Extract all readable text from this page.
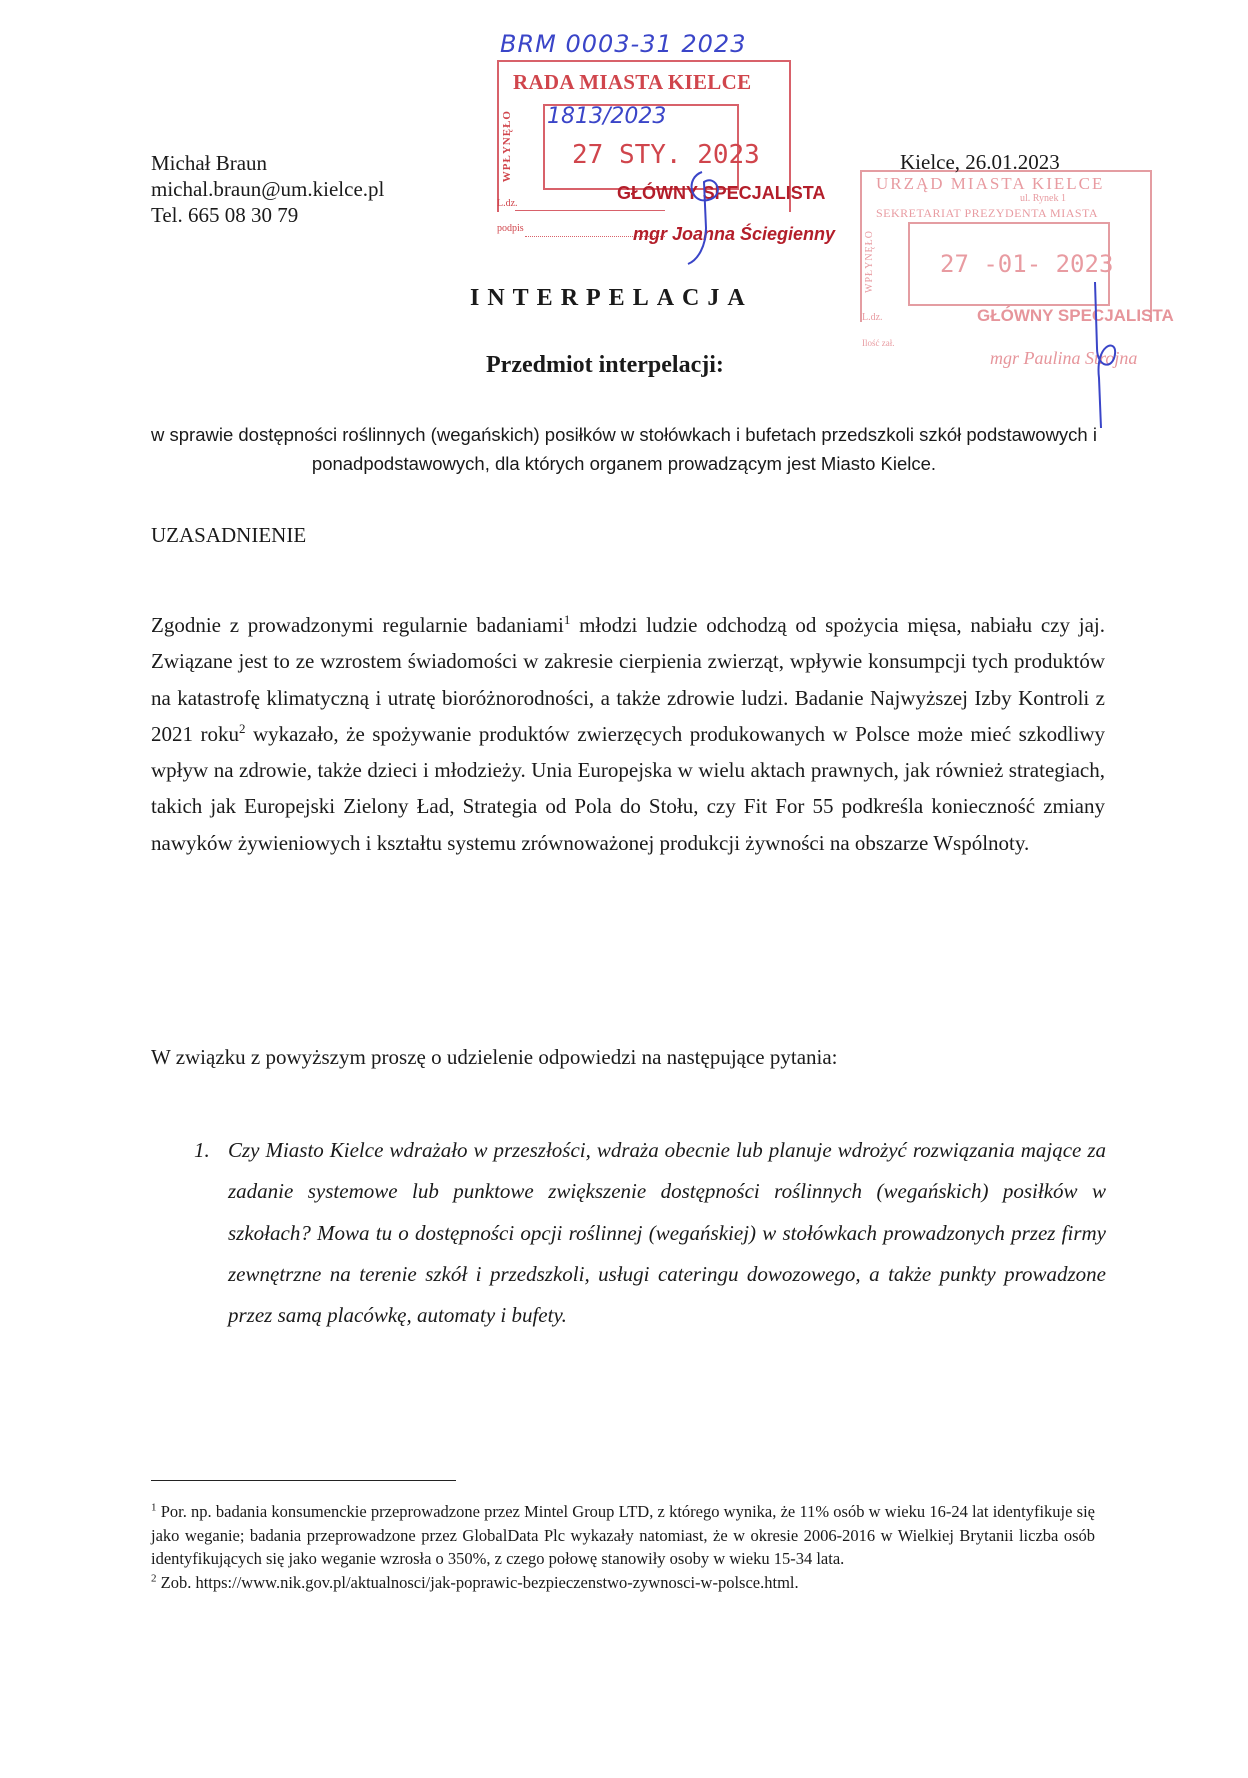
BRM 0003-31 2023
RADA MIASTA KIELCE
WPŁYNĘŁO 1813/2023
27 STY. 2023
L.dz.
podpis
GŁÓWNY SPECJALISTA
mgr Joanna Ściegienny
URZĄD MIASTA KIELCE
ul. Rynek 1
SEKRETARIAT PREZYDENTA MIASTA
WPŁYNĘŁO	27 -01- 2023
L.dz.
Ilość zał.
GŁÓWNY SPECJALISTA
mgr Paulina Strojna
Michał Braun
michal.braun@um.kielce.pl
Tel. 665 08 30 79
Kielce, 26.01.2023
INTERPELACJA
Przedmiot interpelacji:
w sprawie dostępności roślinnych (wegańskich) posiłków w stołówkach i bufetach przedszkoli szkół podstawowych i ponadpodstawowych, dla których organem prowadzącym jest Miasto Kielce.
UZASADNIENIE
Zgodnie z prowadzonymi regularnie badaniami$^1$ młodzi ludzie odchodzą od spożycia mięsa, nabiału czy jaj. Związane jest to ze wzrostem świadomości w zakresie cierpienia zwierząt, wpływie konsumpcji tych produktów na katastrofę klimatyczną i utratę bioróżnorodności, a także zdrowie ludzi. Badanie Najwyższej Izby Kontroli z 2021 roku$^2$ wykazało, że spożywanie produktów zwierzęcych produkowanych w Polsce może mieć szkodliwy wpływ na zdrowie, także dzieci i młodzieży. Unia Europejska w wielu aktach prawnych, jak również strategiach, takich jak Europejski Zielony Ład, Strategia od Pola do Stołu, czy Fit For 55 podkreśla konieczność zmiany nawyków żywieniowych i kształtu systemu zrównoważonej produkcji żywności na obszarze Wspólnoty.
W związku z powyższym proszę o udzielenie odpowiedzi na następujące pytania:
1. Czy Miasto Kielce wdrażało w przeszłości, wdraża obecnie lub planuje wdrożyć rozwiązania mające za zadanie systemowe lub punktowe zwiększenie dostępności roślinnych (wegańskich) posiłków w szkołach? Mowa tu o dostępności opcji roślinnej (wegańskiej) w stołówkach prowadzonych przez firmy zewnętrzne na terenie szkół i przedszkoli, usługi cateringu dowozowego, a także punkty prowadzone przez samą placówkę, automaty i bufety.
$^1$ Por. np. badania konsumenckie przeprowadzone przez Mintel Group LTD, z którego wynika, że 11% osób w wieku 16-24 lat identyfikuje się jako weganie; badania przeprowadzone przez GlobalData Plc wykazały natomiast, że w okresie 2006-2016 w Wielkiej Brytanii liczba osób identyfikujących się jako weganie wzrosła o 350%, z czego połowę stanowiły osoby w wieku 15-34 lata.
$^2$ Zob. https://www.nik.gov.pl/aktualnosci/jak-poprawic-bezpieczenstwo-zywnosci-w-polsce.html.
